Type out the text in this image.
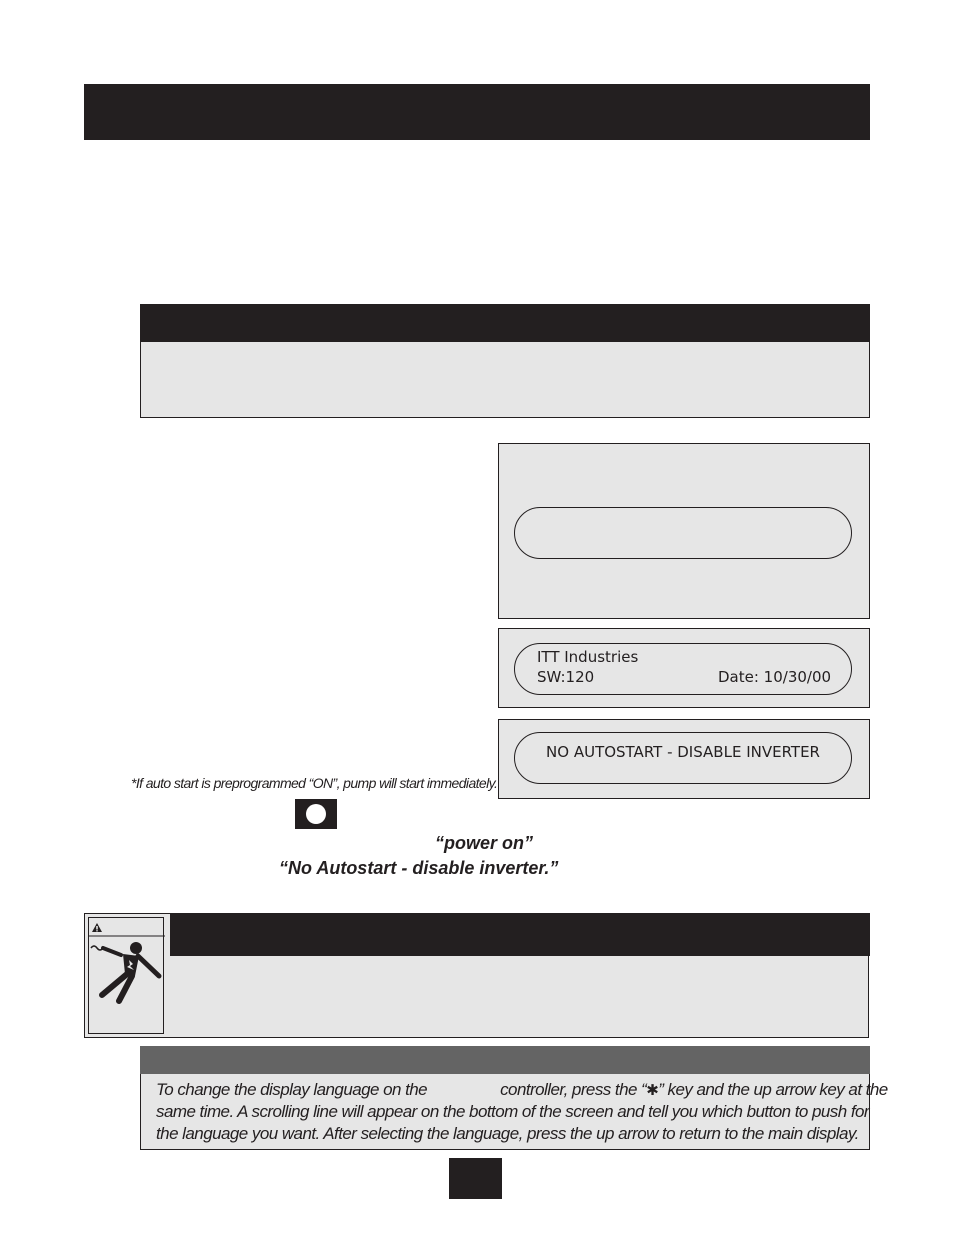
ITT Industries
SW:120	Date: 10/30/00
NO AUTOSTART - DISABLE INVERTER
*If auto start is preprogrammed “ON”, pump will start immediately.
“power on”
“No Autostart - disable inverter.”
To change the display language on the	controller, press the “✱” key and the up arrow key at the
same time. A scrolling line will appear on the bottom of the screen and tell you which button to push for
the language you want. After selecting the language, press the up arrow to return to the main display.
